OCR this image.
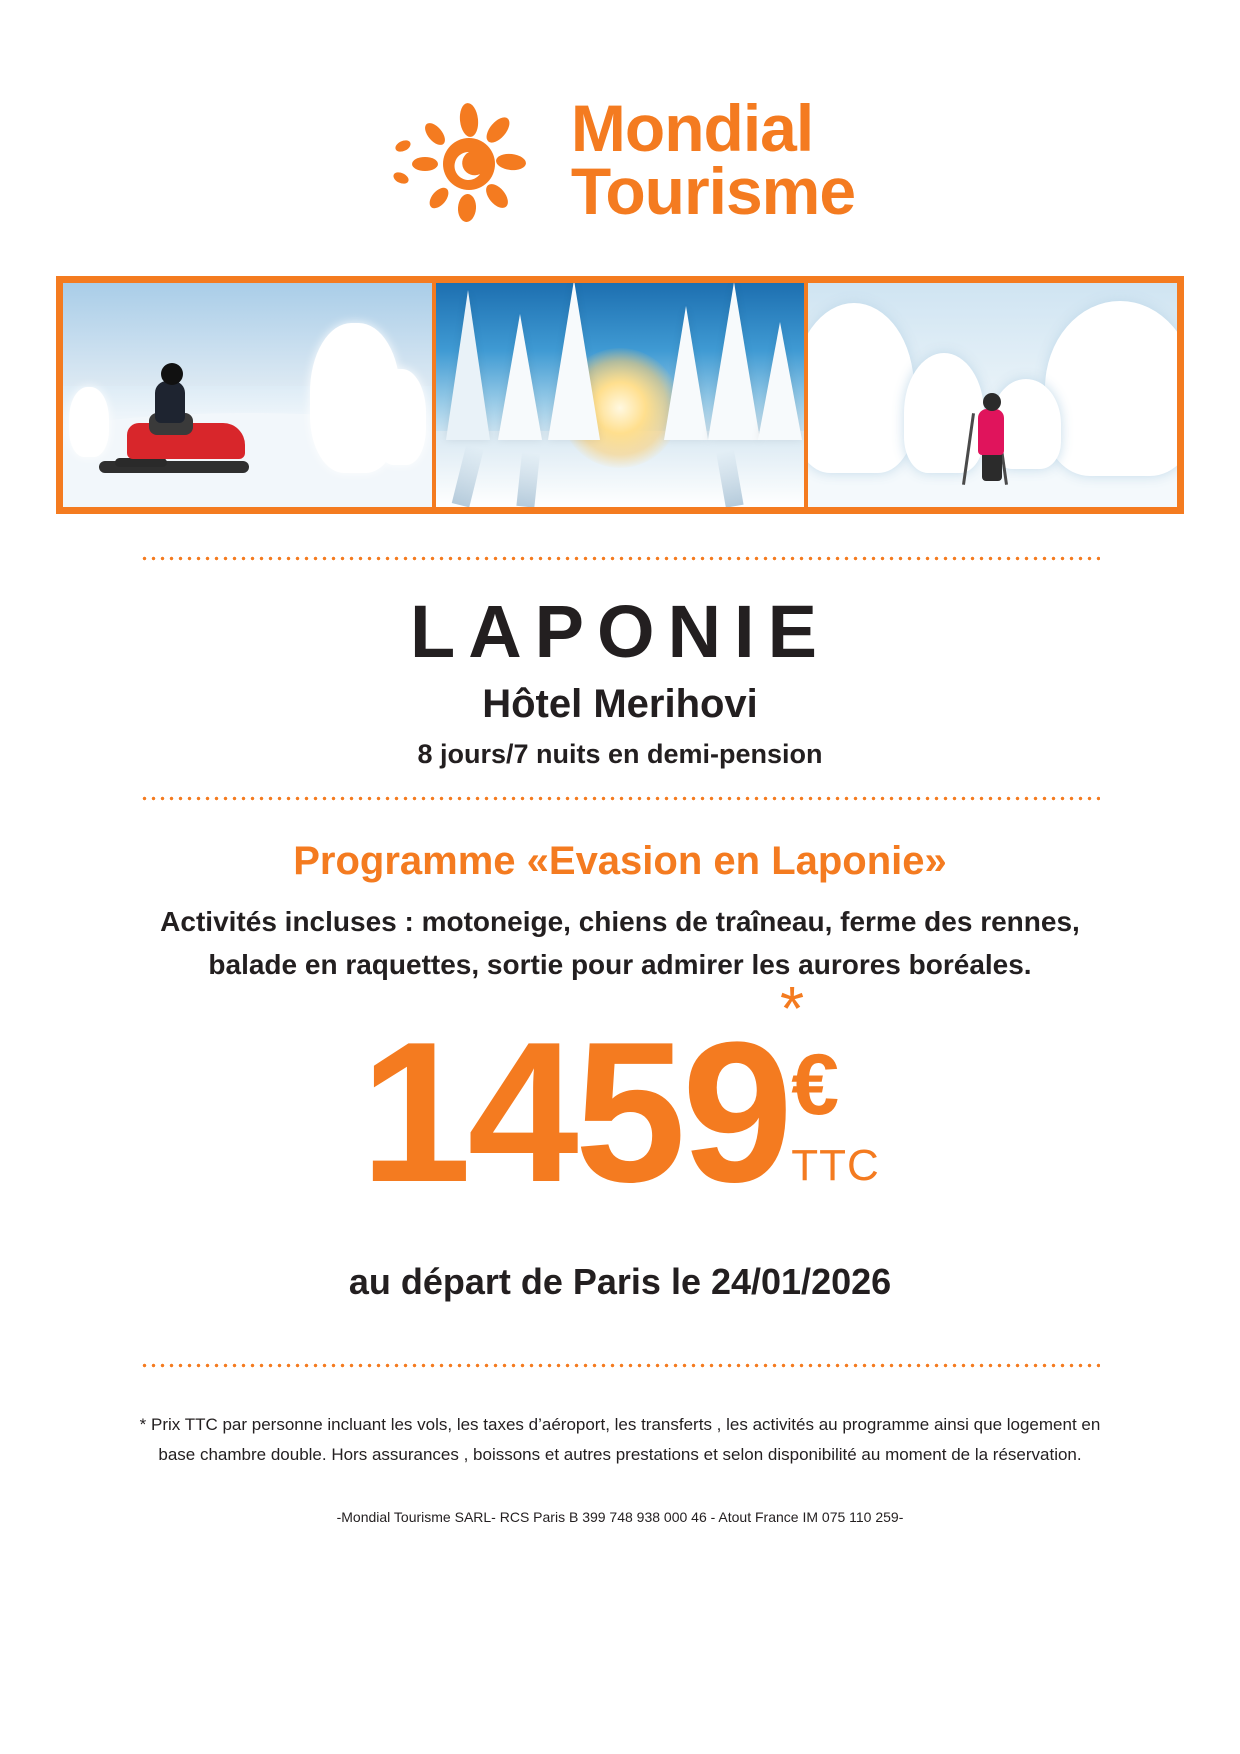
Mondial
Tourisme
LAPONIE
Hôtel Merihovi
8 jours/7 nuits en demi-pension
Programme «Evasion en Laponie»
Activités incluses : motoneige, chiens de traîneau, ferme des rennes,
balade en raquettes, sortie pour admirer les aurores boréales.
*
1459 €
TTC
au départ de Paris le 24/01/2026
* Prix TTC par personne incluant les vols, les taxes d’aéroport, les transferts , les activités au programme ainsi que logement en
base chambre double. Hors assurances , boissons et autres prestations et selon disponibilité au moment de la réservation.
-Mondial Tourisme SARL- RCS Paris B 399 748 938 000 46 - Atout France IM 075 110 259-
